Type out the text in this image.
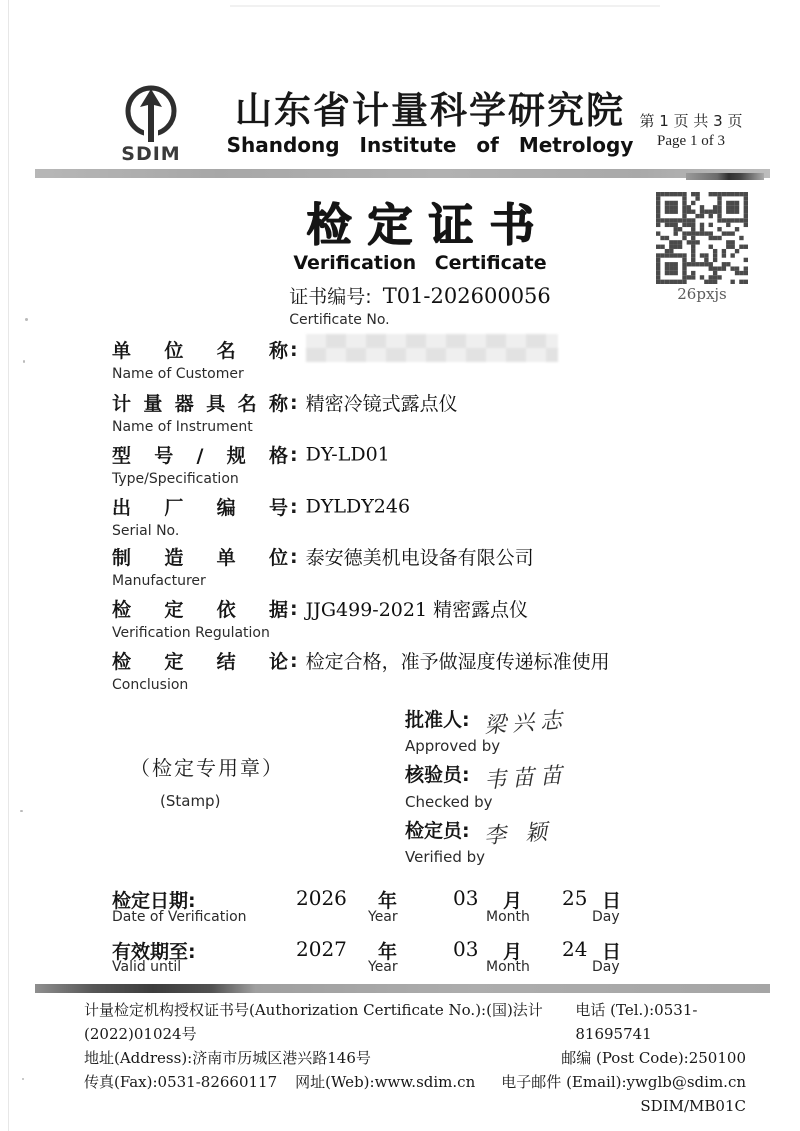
SDIM
山东省计量科学研究院
Shandong Institute of Metrology
第 1 页 共 3 页
Page 1 of 3
检定证书
Verification Certificate
证书编号: T01-202600056
Certificate No.
26pxjs
单位名称 :
Name of Customer
计量器具名称 : 精密冷镜式露点仪
Name of Instrument
型号/规格 : DY-LD01
Type/Specification
出厂编号 : DYLDY246
Serial No.
制造单位 : 泰安德美机电设备有限公司
Manufacturer
检定依据 : JJG499-2021 精密露点仪
Verification Regulation
检定结论 : 检定合格，准予做湿度传递标准使用
Conclusion
（检定专用章）
(Stamp)
批准人: 梁兴志
Approved by
核验员: 韦苗苗
Checked by
检定员: 李 颖
Verified by
检定日期:	2026 年	03 月 25 日
Date of Verification	Year	Month	Day
有效期至:	2027 年	03 月 24 日
Valid until	Year	Month	Day
计量检定机构授权证书号(Authorization Certificate No.):(国)法计(2022)01024号
电话 (Tel.):0531-81695741
地址(Address):济南市历城区港兴路146号	邮编 (Post Code):250100
传真(Fax):0531-82660117 网址(Web):www.sdim.cn	电子邮件 (Email):ywglb@sdim.cn
SDIM/MB01C
